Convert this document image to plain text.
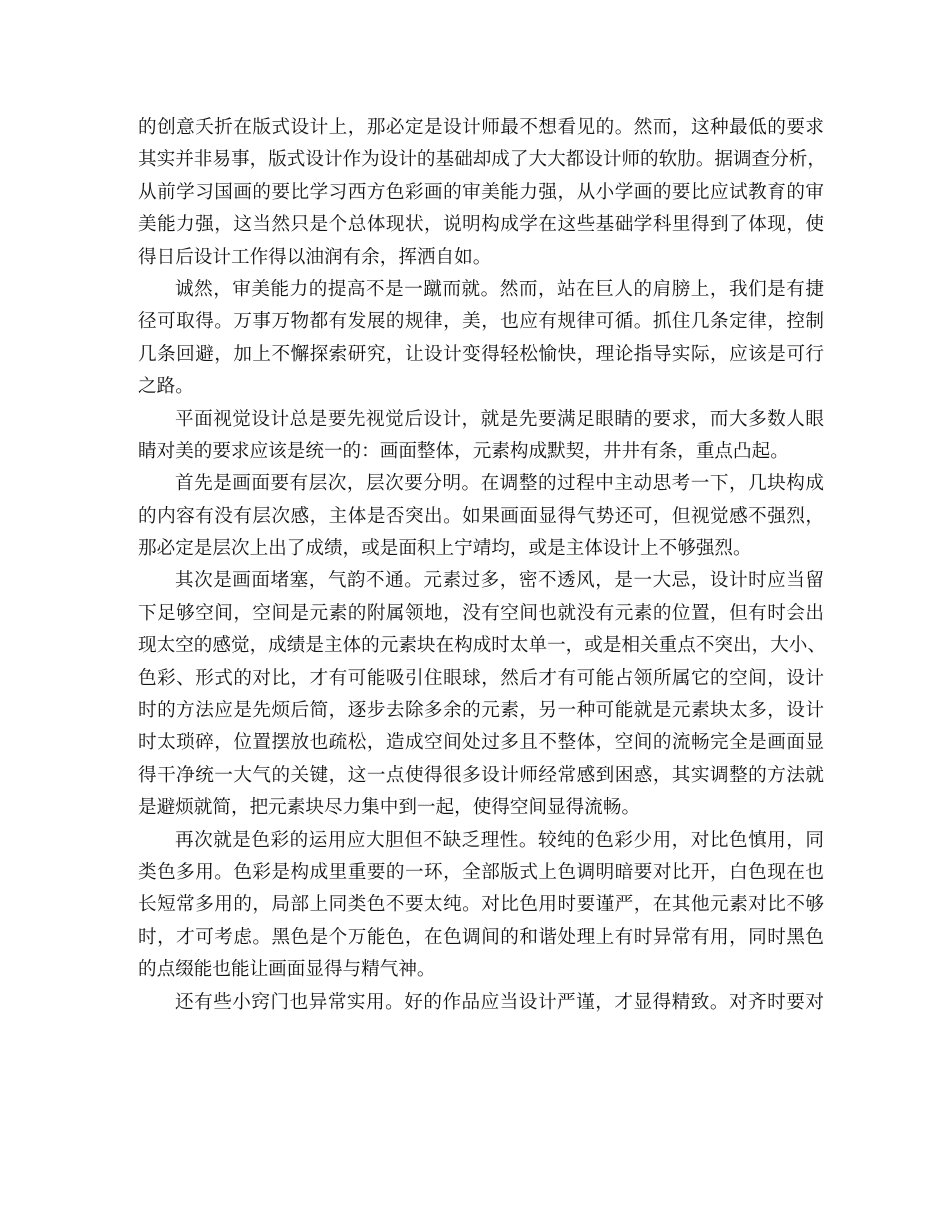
的创意夭折在版式设计上，那必定是设计师最不想看见的。然而，这种最低的要求
其实并非易事，版式设计作为设计的基础却成了大大都设计师的软肋。据调查分析，
从前学习国画的要比学习西方色彩画的审美能力强，从小学画的要比应试教育的审
美能力强，这当然只是个总体现状，说明构成学在这些基础学科里得到了体现，使
得日后设计工作得以油润有余，挥洒自如。
诚然，审美能力的提高不是一蹴而就。然而，站在巨人的肩膀上，我们是有捷
径可取得。万事万物都有发展的规律，美，也应有规律可循。抓住几条定律，控制
几条回避，加上不懈探索研究，让设计变得轻松愉快，理论指导实际，应该是可行
之路。
平面视觉设计总是要先视觉后设计，就是先要满足眼睛的要求，而大多数人眼
睛对美的要求应该是统一的：画面整体，元素构成默契，井井有条，重点凸起。
首先是画面要有层次，层次要分明。在调整的过程中主动思考一下，几块构成
的内容有没有层次感，主体是否突出。如果画面显得气势还可，但视觉感不强烈，
那必定是层次上出了成绩，或是面积上宁靖均，或是主体设计上不够强烈。
其次是画面堵塞，气韵不通。元素过多，密不透风，是一大忌，设计时应当留
下足够空间，空间是元素的附属领地，没有空间也就没有元素的位置，但有时会出
现太空的感觉，成绩是主体的元素块在构成时太单一，或是相关重点不突出，大小、
色彩、形式的对比，才有可能吸引住眼球，然后才有可能占领所属它的空间，设计
时的方法应是先烦后简，逐步去除多余的元素，另一种可能就是元素块太多，设计
时太琐碎，位置摆放也疏松，造成空间处过多且不整体，空间的流畅完全是画面显
得干净统一大气的关键，这一点使得很多设计师经常感到困惑，其实调整的方法就
是避烦就简，把元素块尽力集中到一起，使得空间显得流畅。
再次就是色彩的运用应大胆但不缺乏理性。较纯的色彩少用，对比色慎用，同
类色多用。色彩是构成里重要的一环，全部版式上色调明暗要对比开，白色现在也
长短常多用的，局部上同类色不要太纯。对比色用时要谨严，在其他元素对比不够
时，才可考虑。黑色是个万能色，在色调间的和谐处理上有时异常有用，同时黑色
的点缀能也能让画面显得与精气神。
还有些小窍门也异常实用。好的作品应当设计严谨，才显得精致。对齐时要对
